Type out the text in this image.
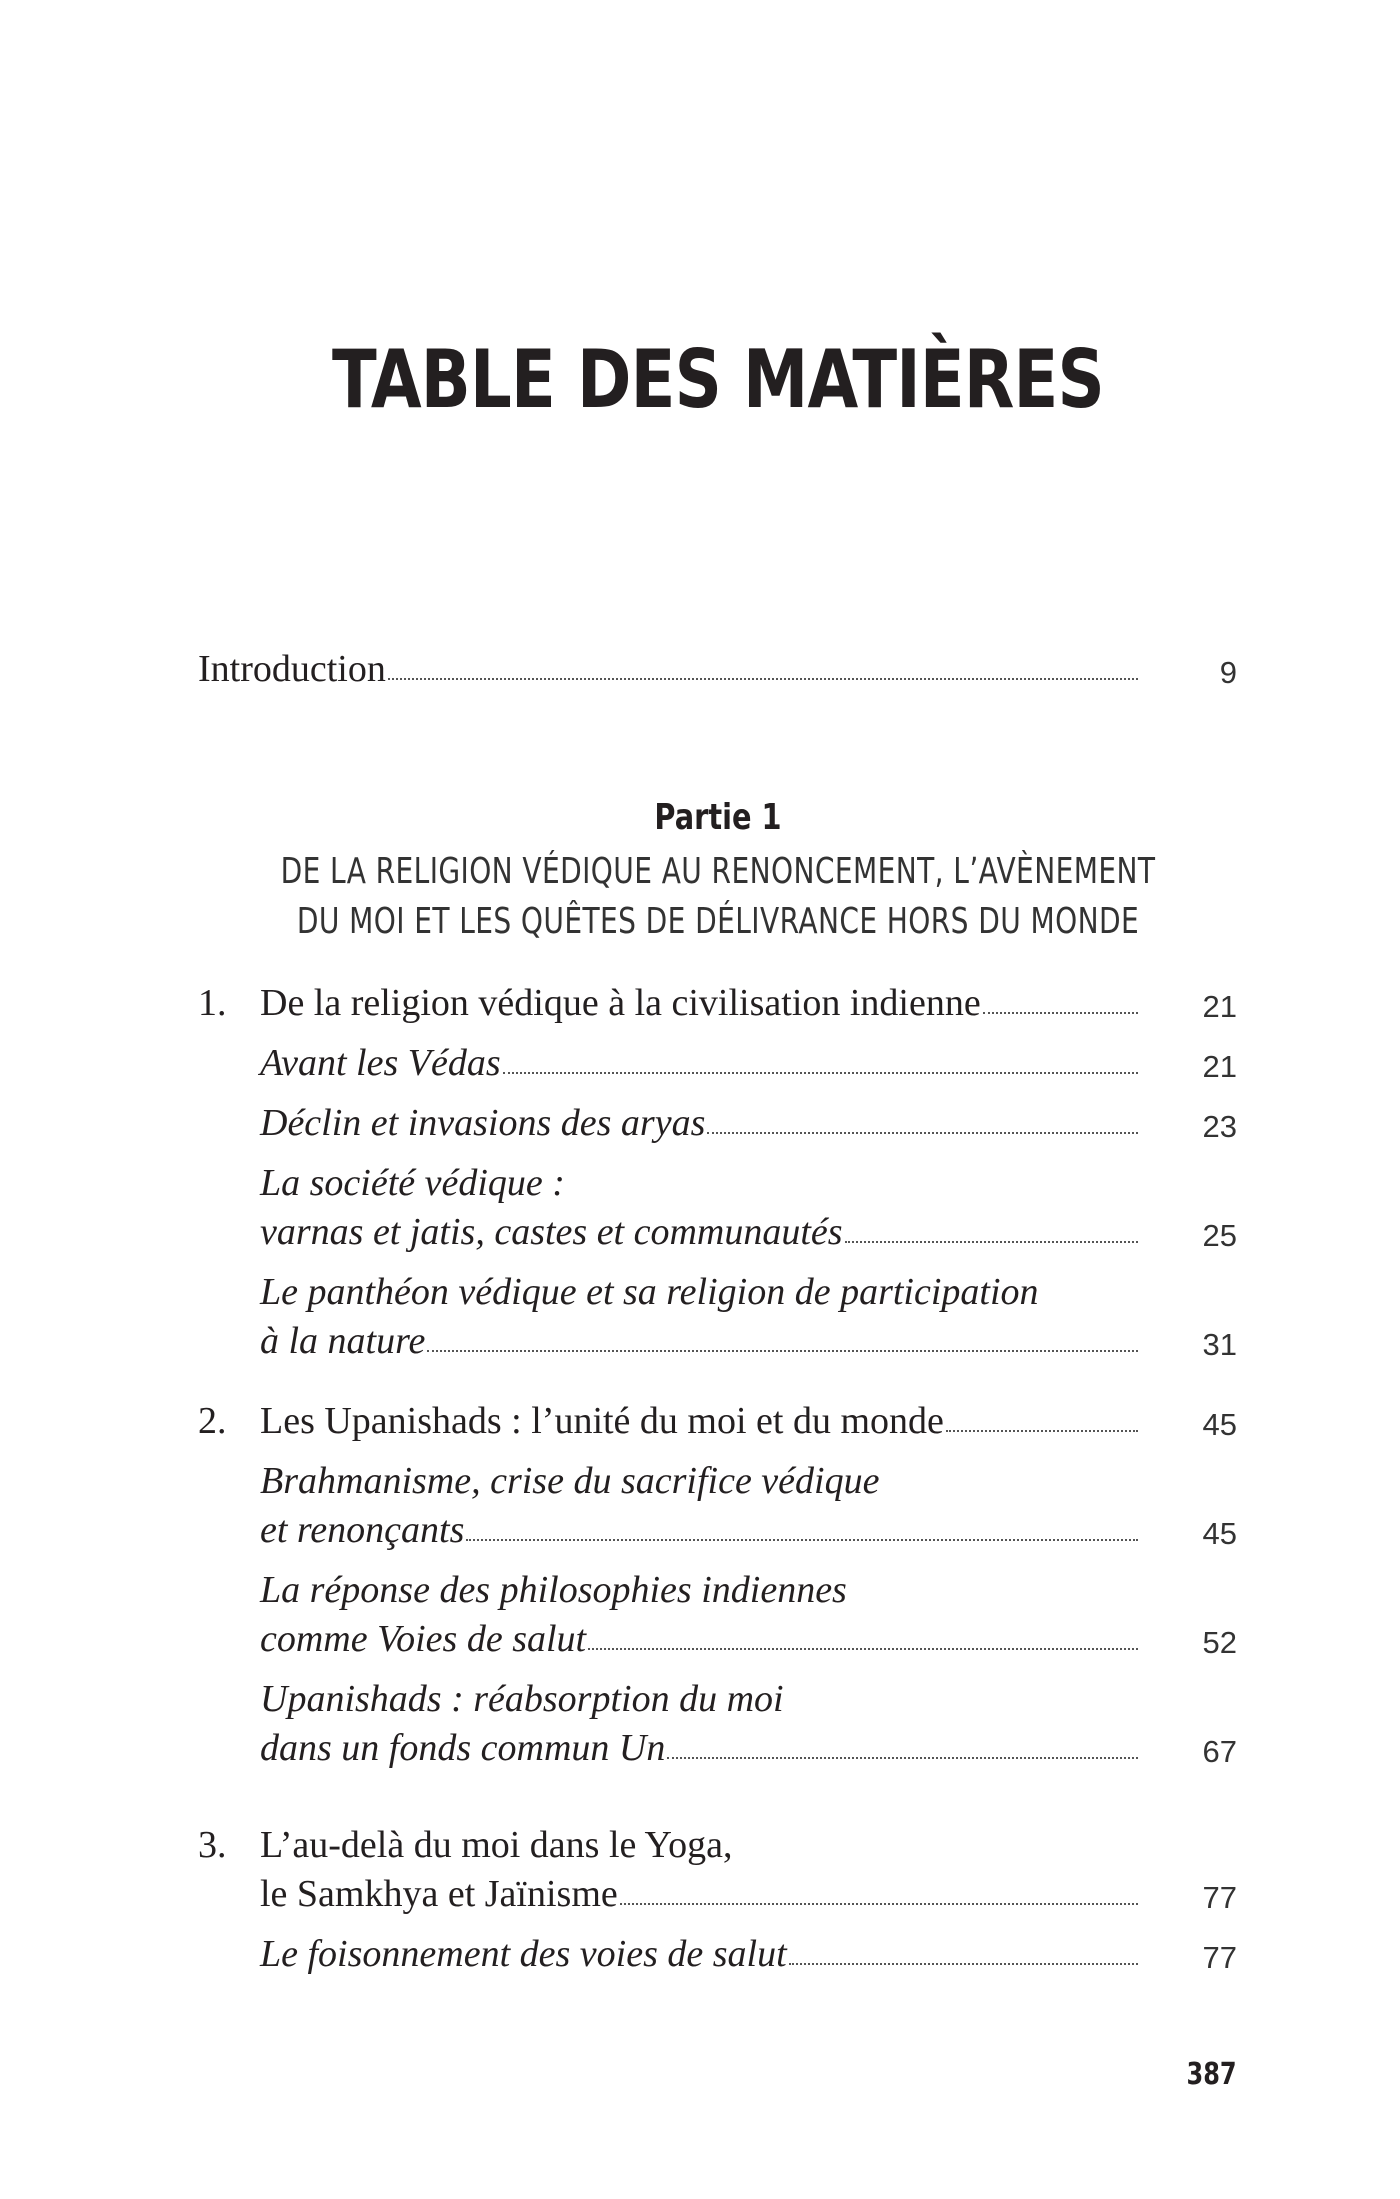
TABLE DES MATIÈRES
Introduction	9
Partie 1
DE LA RELIGION VÉDIQUE AU RENONCEMENT, L’AVÈNEMENT
DU MOI ET LES QUÊTES DE DÉLIVRANCE HORS DU MONDE
1. De la religion védique à la civilisation indienne	21
Avant les Védas	21
Déclin et invasions des aryas	23
La société védique :
varnas et jatis, castes et communautés	25
Le panthéon védique et sa religion de participation
à la nature	31
2. Les Upanishads : l’unité du moi et du monde	45
Brahmanisme, crise du sacrifice védique
et renonçants	45
La réponse des philosophies indiennes
comme Voies de salut	52
Upanishads : réabsorption du moi
dans un fonds commun Un	67
3. L’au-delà du moi dans le Yoga,
le Samkhya et Jaïnisme	77
Le foisonnement des voies de salut	77
387
